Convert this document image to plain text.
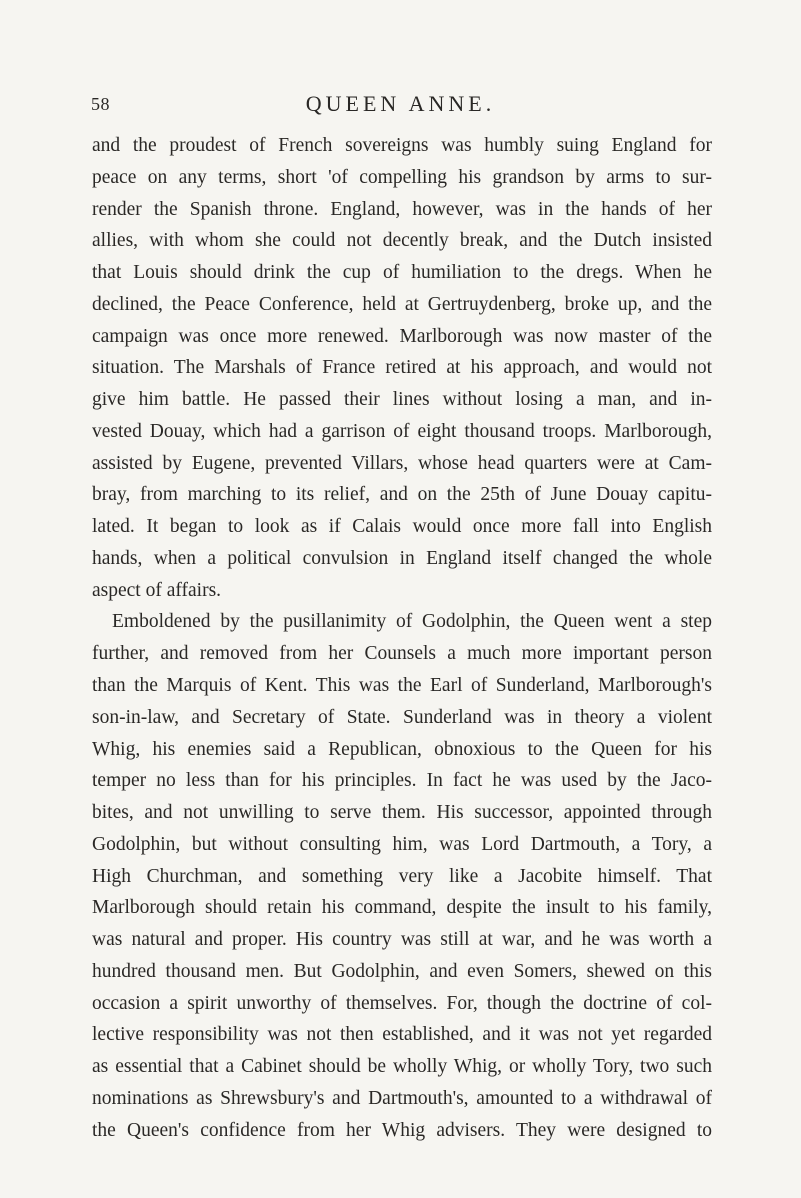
58	QUEEN ANNE.
and the proudest of French sovereigns was humbly suing England for
peace on any terms, short 'of compelling his grandson by arms to sur-
render the Spanish throne. England, however, was in the hands of her
allies, with whom she could not decently break, and the Dutch insisted
that Louis should drink the cup of humiliation to the dregs. When he
declined, the Peace Conference, held at Gertruydenberg, broke up, and the
campaign was once more renewed. Marlborough was now master of the
situation. The Marshals of France retired at his approach, and would not
give him battle. He passed their lines without losing a man, and in-
vested Douay, which had a garrison of eight thousand troops. Marlborough,
assisted by Eugene, prevented Villars, whose head quarters were at Cam-
bray, from marching to its relief, and on the 25th of June Douay capitu-
lated. It began to look as if Calais would once more fall into English
hands, when a political convulsion in England itself changed the whole
aspect of affairs.
Emboldened by the pusillanimity of Godolphin, the Queen went a step
further, and removed from her Counsels a much more important person
than the Marquis of Kent. This was the Earl of Sunderland, Marlborough's
son-in-law, and Secretary of State. Sunderland was in theory a violent
Whig, his enemies said a Republican, obnoxious to the Queen for his
temper no less than for his principles. In fact he was used by the Jaco-
bites, and not unwilling to serve them. His successor, appointed through
Godolphin, but without consulting him, was Lord Dartmouth, a Tory, a
High Churchman, and something very like a Jacobite himself. That
Marlborough should retain his command, despite the insult to his family,
was natural and proper. His country was still at war, and he was worth a
hundred thousand men. But Godolphin, and even Somers, shewed on this
occasion a spirit unworthy of themselves. For, though the doctrine of col-
lective responsibility was not then established, and it was not yet regarded
as essential that a Cabinet should be wholly Whig, or wholly Tory, two such
nominations as Shrewsbury's and Dartmouth's, amounted to a withdrawal of
the Queen's confidence from her Whig advisers. They were designed to
